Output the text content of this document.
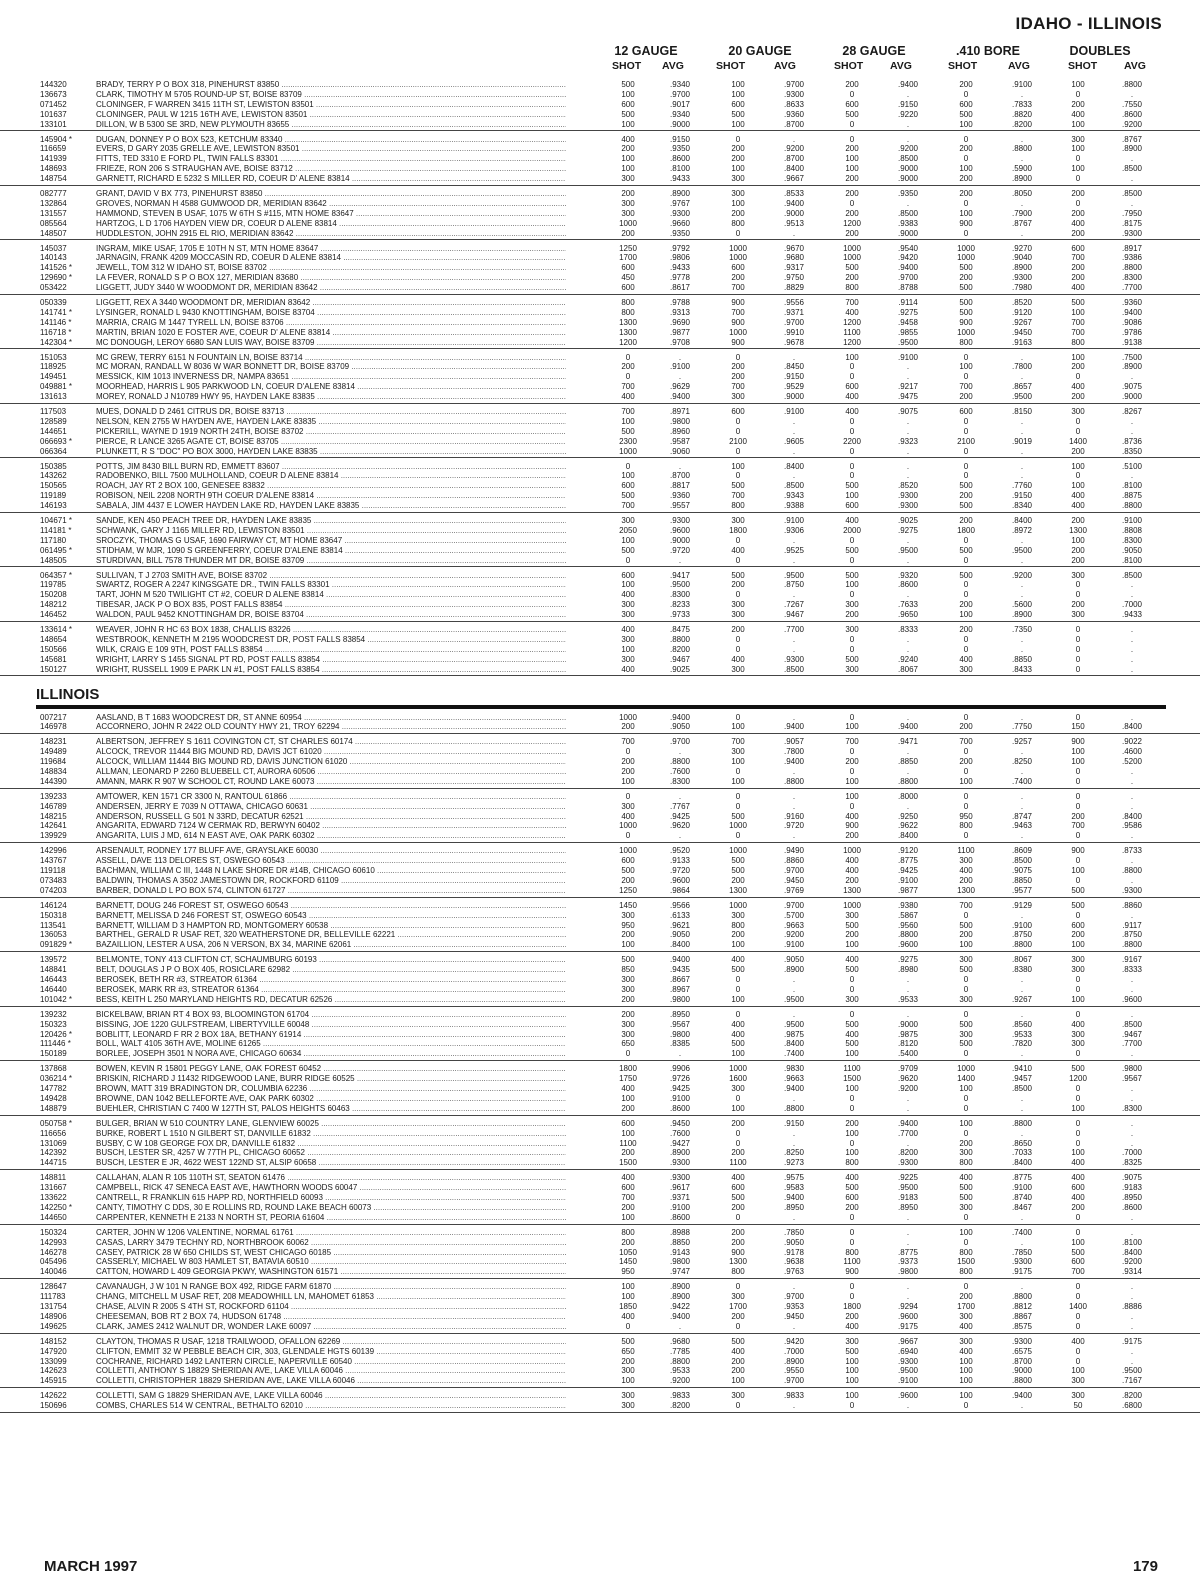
IDAHO - ILLINOIS
12 GAUGE	20 GAUGE	28 GAUGE	.410 BORE	DOUBLES
SHOT AVG	SHOT	AVG	SHOT	AVG	SHOT	AVG	SHOT	AVG
144320	BRADY, TERRY P O BOX 318, PINEHURST 83850 .....	500	.9340	100	.9700	200	.9400	200	.9100	100	.8800
136673	CLARK, TIMOTHY M 5705 ROUND-UP ST, BOISE 83709 .....	100	.9700	100	.9300	0	.	0	.	0	.
071452	CLONINGER, F WARREN 3415 11TH ST, LEWISTON 83501 .....	600	.9017	600	.8633	600	.9150	600	.7833	200	.7550
101637	CLONINGER, PAUL W 1215 16TH AVE, LEWISTON 83501 .....	500	.9340	500	.9360	500	.9220	500	.8820	400	.8600
133101	DILLON, W B 5300 SE 3RD, NEW PLYMOUTH 83655 .....	100	.9000	100	.8700	0	.	100	.8200	100	.9200
145904 *	DUGAN, DONNEY P O BOX 523, KETCHUM 83340 .....	400	.9150	0	.	0	.	0	.	300	.8767
116659	EVERS, D GARY 2035 GRELLE AVE, LEWISTON 83501 .....	200	.9350	200	.9200	200	.9200	200	.8800	100	.8900
141939	FITTS, TED 3310 E FORD PL, TWIN FALLS 83301 .....	100	.8600	200	.8700	100	.8500	0	.	0	.
148693	FRIEZE, RON 206 S STRAUGHAN AVE, BOISE 83712 .....	100	.8100	100	.8400	100	.9000	100	.5900	100	.8500
148754	GARNETT, RICHARD E 5232 S MILLER RD, COEUR D' ALENE 83814 .....	300	.9433	300	.9667	200	.9000	200	.8900	0	.
082777	GRANT, DAVID V BX 773, PINEHURST 83850 .....	200	.8900	300	.8533	200	.9350	200	.8050	200	.8500
132864	GROVES, NORMAN H 4588 GUMWOOD DR, MERIDIAN 83642 .....	300	.9767	100	.9400	0	.	0	.	0	.
131557	HAMMOND, STEVEN B USAF, 1075 W 6TH S #115, MTN HOME 83647 .....	300	.9300	200	.9000	200	.8500	100	.7900	200	.7950
085564	HARTZOG, L D 1706 HAYDEN VIEW DR, COEUR D ALENE 83814 .....	1000	.9660	800	.9513	1200	.9383	900	.8767	400	.8175
148507	HUDDLESTON, JOHN 2915 EL RIO, MERIDIAN 83642 .....	200	.9350	0	.	200	.9000	0	.	200	.9300
145037	INGRAM, MIKE USAF, 1705 E 10TH N ST, MTN HOME 83647 .....	1250	.9792	1000	.9670	1000	.9540	1000	.9270	600	.8917
140143	JARNAGIN, FRANK 4209 MOCCASIN RD, COEUR D ALENE 83814 .....	1700	.9806	1000	.9680	1000	.9420	1000	.9040	700	.9386
141526 *	JEWELL, TOM 312 W IDAHO ST, BOISE 83702 .....	600	.9433	600	.9317	500	.9400	500	.8900	200	.8800
129690 *	LA FEVER, RONALD S P O BOX 127, MERIDIAN 83680 .....	450	.9778	200	.9750	200	.9700	200	.9300	200	.8300
053422	LIGGETT, JUDY 3440 W WOODMONT DR, MERIDIAN 83642 .....	600	.8617	700	.8829	800	.8788	500	.7980	400	.7700
050339	LIGGETT, REX A 3440 WOODMONT DR, MERIDIAN 83642 .....	800	.9788	900	.9556	700	.9114	500	.8520	500	.9360
141741 *	LYSINGER, RONALD L 9430 KNOTTINGHAM, BOISE 83704 .....	800	.9313	700	.9371	400	.9275	500	.9120	100	.9400
141146 *	MARRIA, CRAIG M 1447 TYRELL LN, BOISE 83706 .....	1300	.9690	900	.9700	1200	.9458	900	.9267	700	.9086
116718 *	MARTIN, BRIAN 1020 E FOSTER AVE, COEUR D' ALENE 83814 .....	1300	.9877	1000	.9910	1100	.9855	1000	.9450	700	.9786
142304 *	MC DONOUGH, LEROY 6680 SAN LUIS WAY, BOISE 83709 .....	1200	.9708	900	.9678	1200	.9500	800	.9163	800	.9138
151053	MC GREW, TERRY 6151 N FOUNTAIN LN, BOISE 83714 .....	0	.	0	.	100	.9100	0	.	100	.7500
118925	MC MORAN, RANDALL W 8036 W WAR BONNETT DR, BOISE 83709 .....	200	.9100	200	.8450	0	.	100	.7800	200	.8900
149451	MESSICK, KIM 1013 INVERNESS DR, NAMPA 83651 .....	0	.	200	.9150	0	.	0	.	0	.
049881 *	MOORHEAD, HARRIS L 905 PARKWOOD LN, COEUR D'ALENE 83814 .....	700	.9629	700	.9529	600	.9217	700	.8657	400	.9075
131613	MOREY, RONALD J N10789 HWY 95, HAYDEN LAKE 83835 .....	400	.9400	300	.9000	400	.9475	200	.9500	200	.9000
117503	MUES, DONALD D 2461 CITRUS DR, BOISE 83713 .....	700	.8971	600	.9100	400	.9075	600	.8150	300	.8267
128589	NELSON, KEN 2755 W HAYDEN AVE, HAYDEN LAKE 83835 .....	100	.9800	0	.	0	.	0	.	0	.
144651	PICKERILL, WAYNE D 1919 NORTH 24TH, BOISE 83702 .....	500	.8960	0	.	0	.	0	.	0	.
066693 *	PIERCE, R LANCE 3265 AGATE CT, BOISE 83705 .....	2300	.9587	2100	.9605	2200	.9323	2100	.9019	1400	.8736
066364	PLUNKETT, R S "DOC" PO BOX 3000, HAYDEN LAKE 83835 .....	1000	.9060	0	.	0	.	0	.	200	.8350
150385	POTTS, JIM 8430 BILL BURN RD, EMMETT 83607 .....	0	.	100	.8400	0	.	0	.	100	.5100
143262	RADOBENKO, BILL 7500 MULHOLLAND, COEUR D ALENE 83814 .....	100	.8700	0	.	0	.	0	.	0	.
150565	ROACH, JAY RT 2 BOX 100, GENESEE 83832 .....	600	.8817	500	.8500	500	.8520	500	.7760	100	.8100
119189	ROBISON, NEIL 2208 NORTH 9TH COEUR D'ALENE 83814 .....	500	.9360	700	.9343	100	.9300	200	.9150	400	.8875
146193	SABALA, JIM 4437 E LOWER HAYDEN LAKE RD, HAYDEN LAKE 83835 .....	700	.9557	800	.9388	600	.9300	500	.8340	400	.8800
104671 *	SANDE, KEN 450 PEACH TREE DR, HAYDEN LAKE 83835 .....	300	.9300	300	.9100	400	.9025	200	.8400	200	.9100
114181 *	SCHWANK, GARY J 1165 MILLER RD, LEWISTON 83501 .....	2050	.9600	1800	.9306	2000	.9275	1800	.8972	1300	.8808
117180	SROCZYK, THOMAS G USAF, 1690 FAIRWAY CT, MT HOME 83647 .....	100	.9000	0	.	0	.	0	.	100	.8300
061495 *	STIDHAM, W MJR, 1090 S GREENFERRY, COEUR D'ALENE 83814 .....	500	.9720	400	.9525	500	.9500	500	.9500	200	.9050
148505	STURDIVAN, BILL 7578 THUNDER MT DR, BOISE 83709 .....	0	.	0	.	0	.	0	.	200	.8100
064357 *	SULLIVAN, T J 2703 SMITH AVE, BOISE 83702 .....	600	.9417	500	.9500	500	.9320	500	.9200	300	.8500
119785	SWARTZ, ROGER A 2247 KINGSGATE DR., TWIN FALLS 83301 .....	100	.9500	200	.8750	100	.8600	0	.	0	.
150208	TART, JOHN M 520 TWILIGHT CT #2, COEUR D ALENE 83814 .....	400	.8300	0	.	0	.	0	.	0	.
148212	TIBESAR, JACK P O BOX 835, POST FALLS 83854 .....	300	.8233	300	.7267	300	.7633	200	.5600	200	.7000
146452	WALDON, PAUL 9452 KNOTTINGHAM DR, BOISE 83704 .....	300	.9733	300	.9467	200	.9650	100	.8900	300	.9433
133614 *	WEAVER, JOHN R HC 63 BOX 1838, CHALLIS 83226 .....	400	.8475	200	.7700	300	.8333	200	.7350	0	.
148654	WESTBROOK, KENNETH M 2195 WOODCREST DR, POST FALLS 83854 .....	300	.8800	0	.	0	.	0	.	0	.
150566	WILK, CRAIG E 109 9TH, POST FALLS 83854 .....	100	.8200	0	.	0	.	0	.	0	.
145681	WRIGHT, LARRY S 1455 SIGNAL PT RD, POST FALLS 83854 .....	300	.9467	400	.9300	500	.9240	400	.8850	0	.
150127	WRIGHT, RUSSELL 1909 E PARK LN #1, POST FALLS 83854 .....	400	.9025	300	.8500	300	.8067	300	.8433	0	.
ILLINOIS
007217	AASLAND, B T 1683 WOODCREST DR, ST ANNE 60954 .....	1000	.9400	0	.	0	.	0	.	0	.
146978	ACCORNERO, JOHN R 2422 OLD COUNTY HWY 21, TROY 62294 .....	200	.9050	100	.9400	100	.9400	200	.7750	150	.8400
148231	ALBERTSON, JEFFREY S 1611 COVINGTON CT, ST CHARLES 60174 .....	700	.9700	700	.9057	700	.9471	700	.9257	900	.9022
149489	ALCOCK, TREVOR 11444 BIG MOUND RD, DAVIS JCT 61020 .....	0	.	300	.7800	0	.	0	.	100	.4600
119684	ALCOCK, WILLIAM 11444 BIG MOUND RD, DAVIS JUNCTION 61020 .....	200	.8800	100	.9400	200	.8850	200	.8250	100	.5200
148834	ALLMAN, LEONARD P 2260 BLUEBELL CT, AURORA 60506 .....	200	.7600	0	.	0	.	0	.	0	.
144390	AMANN, MARK R 907 W SCHOOL CT, ROUND LAKE 60073 .....	100	.8300	100	.8800	100	.8800	100	.7400	0	.
139233	AMTOWER, KEN 1571 CR 3300 N, RANTOUL 61866 .....	0	.	0	.	100	.8000	0	.	0	.
146789	ANDERSEN, JERRY E 7039 N OTTAWA, CHICAGO 60631 .....	300	.7767	0	.	0	.	0	.	0	.
148215	ANDERSON, RUSSELL G 501 N 33RD, DECATUR 62521 .....	400	.9425	500	.9160	400	.9250	950	.8747	200	.8400
142641	ANGARITA, EDWARD 7124 W CERMAK RD, BERWYN 60402 .....	1000	.9620	1000	.9720	900	.9622	800	.9463	700	.9586
139929	ANGARITA, LUIS J MD, 614 N EAST AVE, OAK PARK 60302 .....	0	.	0	.	200	.8400	0	.	0	.
142996	ARSENAULT, RODNEY 177 BLUFF AVE, GRAYSLAKE 60030 .....	1000	.9520	1000	.9490	1000	.9120	1100	.8609	900	.8733
143767	ASSELL, DAVE 113 DELORES ST, OSWEGO 60543 .....	600	.9133	500	.8860	400	.8775	300	.8500	0	.
119118	BACHMAN, WILLIAM C III, 1448 N LAKE SHORE DR #14B, CHICAGO 60610 .....	500	.9720	500	.9700	400	.9425	400	.9075	100	.8800
073483	BALDWIN, THOMAS A 3502 JAMESTOWN DR, ROCKFORD 61109 .....	200	.9600	200	.9450	200	.9100	200	.8850	0	.
074203	BARBER, DONALD L PO BOX 574, CLINTON 61727 .....	1250	.9864	1300	.9769	1300	.9877	1300	.9577	500	.9300
146124	BARNETT, DOUG 246 FOREST ST, OSWEGO 60543 .....	1450	.9566	1000	.9700	1000	.9380	700	.9129	500	.8860
150318	BARNETT, MELISSA D 246 FOREST ST, OSWEGO 60543 .....	300	.6133	300	.5700	300	.5867	0	.	0	.
113541	BARNETT, WILLIAM D 3 HAMPTON RD, MONTGOMERY 60538 .....	950	.9621	800	.9663	500	.9560	500	.9100	600	.9117
136053	BARTHEL, GERALD R USAF RET, 320 WEATHERSTONE DR, BELLEVILLE 62221 .....	200	.9050	200	.9200	200	.8800	200	.8750	200	.8750
091829 *	BAZAILLION, LESTER A USA, 206 N VERSON, BX 34, MARINE 62061 .....	100	.8400	100	.9100	100	.9600	100	.8800	100	.8800
139572	BELMONTE, TONY 413 CLIFTON CT, SCHAUMBURG 60193 .....	500	.9400	400	.9050	400	.9275	300	.8067	300	.9167
148841	BELT, DOUGLAS J P O BOX 405, ROSICLARE 62982 .....	850	.9435	500	.8900	500	.8980	500	.8380	300	.8333
146443	BEROSEK, BETH RR #3, STREATOR 61364 .....	300	.8667	0	.	0	.	0	.	0	.
146440	BEROSEK, MARK RR #3, STREATOR 61364 .....	300	.8967	0	.	0	.	0	.	0	.
101042 *	BESS, KEITH L 250 MARYLAND HEIGHTS RD, DECATUR 62526 .....	200	.9800	100	.9500	300	.9533	300	.9267	100	.9600
139232	BICKELBAW, BRIAN RT 4 BOX 93, BLOOMINGTON 61704 .....	200	.8950	0	.	0	.	0	.	0	.
150323	BISSING, JOE 1220 GULFSTREAM, LIBERTYVILLE 60048 .....	300	.9567	400	.9500	500	.9000	500	.8560	400	.8500
120426 *	BOBLITT, LEONARD F RR 2 BOX 18A, BETHANY 61914 .....	300	.9800	400	.9875	400	.9875	300	.9533	300	.9467
111446 *	BOLL, WALT 4105 36TH AVE, MOLINE 61265 .....	650	.8385	500	.8400	500	.8120	500	.7820	300	.7700
150189	BORLEE, JOSEPH 3501 N NORA AVE, CHICAGO 60634 .....	0	.	100	.7400	100	.5400	0	.	0	.
137868	BOWEN, KEVIN R 15801 PEGGY LANE, OAK FOREST 60452 .....	1800	.9906	1000	.9830	1100	.9709	1000	.9410	500	.9800
036214 *	BRISKIN, RICHARD J 11432 RIDGEWOOD LANE, BURR RIDGE 60525 .....	1750	.9726	1600	.9663	1500	.9620	1400	.9457	1200	.9567
147782	BROWN, MATT 319 BRADINGTON DR, COLUMBIA 62236 .....	400	.9425	300	.9400	100	.9200	100	.8500	0	.
149428	BROWNE, DAN 1042 BELLEFORTE AVE, OAK PARK 60302 .....	100	.9100	0	.	0	.	0	.	0	.
148879	BUEHLER, CHRISTIAN C 7400 W 127TH ST, PALOS HEIGHTS 60463 .....	200	.8600	100	.8800	0	.	0	.	100	.8300
050758 *	BULGER, BRIAN W 510 COUNTRY LANE, GLENVIEW 60025 .....	600	.9450	200	.9150	200	.9400	100	.8800	0	.
116656	BURKE, ROBERT L 1510 N GILBERT ST, DANVILLE 61832 .....	100	.7600	0	.	100	.7700	0	.	0	.
131069	BUSBY, C W 108 GEORGE FOX DR, DANVILLE 61832 .....	1100	.9427	0	.	0	.	200	.8650	0	.
142392	BUSCH, LESTER SR, 4257 W 77TH PL, CHICAGO 60652 .....	200	.8900	200	.8250	100	.8200	300	.7033	100	.7000
144715	BUSCH, LESTER E JR, 4622 WEST 122ND ST, ALSIP 60658 .....	1500	.9300	1100	.9273	800	.9300	800	.8400	400	.8325
148811	CALLAHAN, ALAN R 105 110TH ST, SEATON 61476 .....	400	.9300	400	.9575	400	.9225	400	.8775	400	.9075
131667	CAMPBELL, RICK 47 SENECA EAST AVE, HAWTHORN WOODS 60047 .....	600	.9617	600	.9583	500	.9500	500	.9100	600	.9183
133622	CANTRELL, R FRANKLIN 615 HAPP RD, NORTHFIELD 60093 .....	700	.9371	500	.9400	600	.9183	500	.8740	400	.8950
142250 *	CANTY, TIMOTHY C DDS, 30 E ROLLINS RD, ROUND LAKE BEACH 60073 .....	200	.9100	200	.8950	200	.8950	300	.8467	200	.8600
144650	CARPENTER, KENNETH E 2133 N NORTH ST, PEORIA 61604 .....	100	.8600	0	.	0	.	0	.	0	.
150324	CARTER, JOHN W 1206 VALENTINE, NORMAL 61761 .....	800	.8988	200	.7850	0	.	100	.7400	0	.
142993	CASAS, LARRY 3479 TECHNY RD, NORTHBROOK 60062 .....	200	.8850	200	.9050	0	.	0	.	100	.8100
146278	CASEY, PATRICK 28 W 650 CHILDS ST, WEST CHICAGO 60185 .....	1050	.9143	900	.9178	800	.8775	800	.7850	500	.8400
045496	CASSERLY, MICHAEL W 803 HAMLET ST, BATAVIA 60510 .....	1450	.9800	1300	.9638	1100	.9373	1500	.9300	600	.9200
140046	CATTON, HOWARD L 409 GEORGIA PKWY, WASHINGTON 61571 .....	950	.9747	800	.9763	900	.9800	800	.9175	700	.9314
128647	CAVANAUGH, J W 101 N RANGE BOX 492, RIDGE FARM 61870 .....	100	.8900	0	.	0	.	0	.	0	.
111783	CHANG, MITCHELL M USAF RET, 208 MEADOWHILL LN, MAHOMET 61853 .....	100	.8900	300	.9700	0	.	200	.8800	0	.
131754	CHASE, ALVIN R 2005 S 4TH ST, ROCKFORD 61104 .....	1850	.9422	1700	.9353	1800	.9294	1700	.8812	1400	.8886
148906	CHEESEMAN, BOB RT 2 BOX 74, HUDSON 61748 .....	400	.9400	200	.9450	200	.9600	300	.8867	0	.
149625	CLARK, JAMES 2412 WALNUT DR, WONDER LAKE 60097 .....	0	.	0	.	400	.9175	400	.8575	0	.
148152	CLAYTON, THOMAS R USAF, 1218 TRAILWOOD, OFALLON 62269 .....	500	.9680	500	.9420	300	.9667	300	.9300	400	.9175
147920	CLIFTON, EMMIT 32 W PEBBLE BEACH CIR, 303, GLENDALE HGTS 60139 .....	650	.7785	400	.7000	500	.6940	400	.6575	0	.
133099	COCHRANE, RICHARD 1492 LANTERN CIRCLE, NAPERVILLE 60540 .....	200	.8800	200	.8900	100	.9300	100	.8700	0	.
142623	COLLETTI, ANTHONY S 18829 SHERIDAN AVE, LAKE VILLA 60046 .....	300	.9533	200	.9550	100	.9500	100	.9000	100	.9500
145915	COLLETTI, CHRISTOPHER 18829 SHERIDAN AVE, LAKE VILLA 60046 .....	100	.9200	100	.9700	100	.9100	100	.8800	300	.7167
142622	COLLETTI, SAM G 18829 SHERIDAN AVE, LAKE VILLA 60046 .....	300	.9833	300	.9833	100	.9600	100	.9400	300	.8200
150696	COMBS, CHARLES 514 W CENTRAL, BETHALTO 62010 .....	300	.8200	0	.	0	.	0	.	50	.6800
MARCH 1997	179
